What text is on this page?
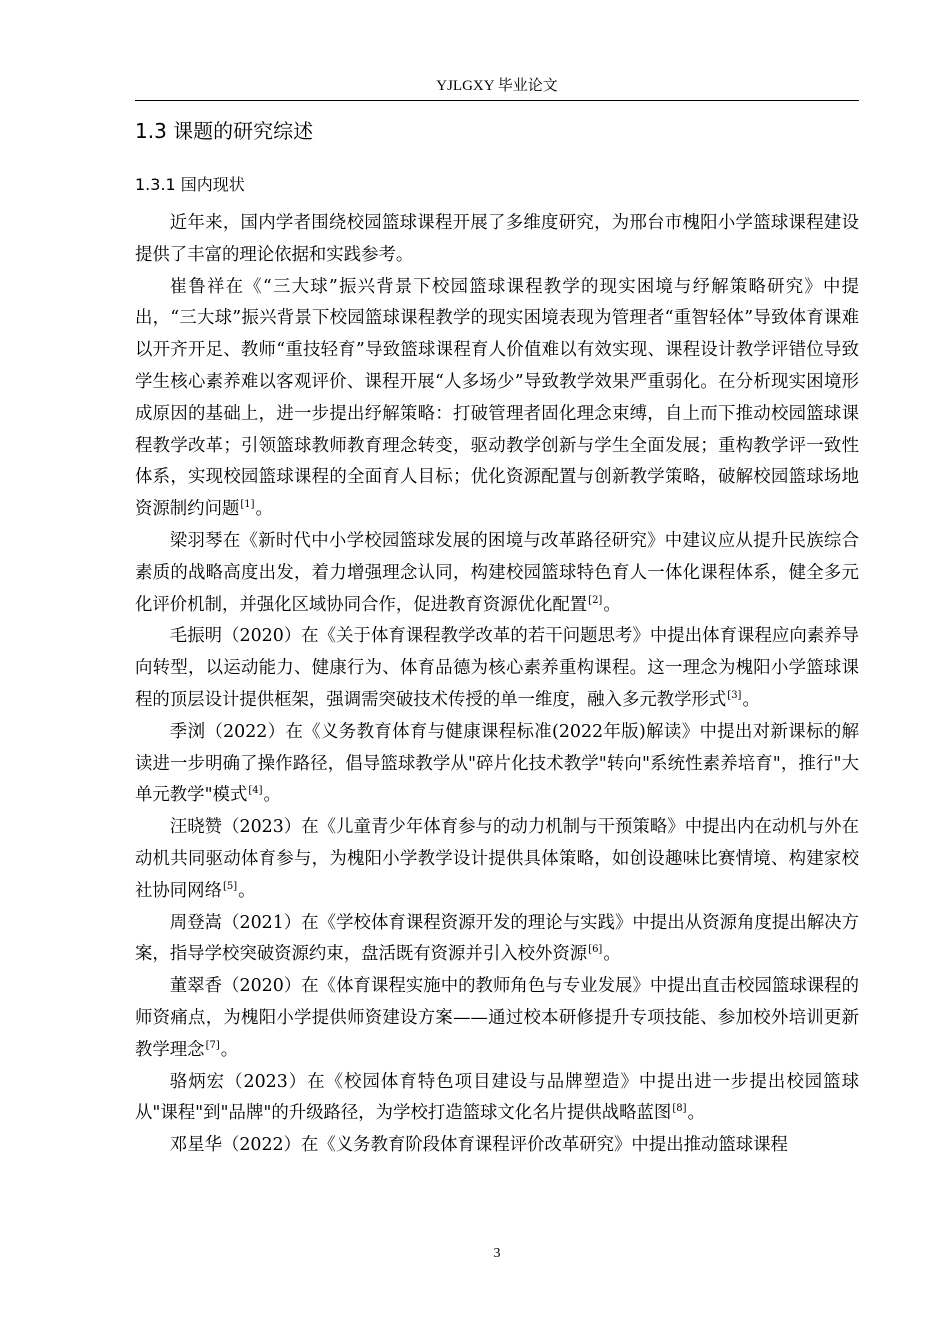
YJLGXY 毕业论文
1.3 课题的研究综述
1.3.1 国内现状

近年来，国内学者围绕校园篮球课程开展了多维度研究，为邢台市槐阳小学篮球课程建设提供了丰富的理论依据和实践参考。

崔鲁祥在《“三大球”振兴背景下校园篮球课程教学的现实困境与纾解策略研究》中提出，“三大球”振兴背景下校园篮球课程教学的现实困境表现为管理者“重智轻体”导致体育课难以开齐开足、教师“重技轻育”导致篮球课程育人价值难以有效实现、课程设计教学评错位导致学生核心素养难以客观评价、课程开展“人多场少”导致教学效果严重弱化。在分析现实困境形成原因的基础上，进一步提出纾解策略：打破管理者固化理念束缚，自上而下推动校园篮球课程教学改革；引领篮球教师教育理念转变，驱动教学创新与学生全面发展；重构教学评一致性体系，实现校园篮球课程的全面育人目标；优化资源配置与创新教学策略，破解校园篮球场地资源制约问题[1]。

梁羽琴在《新时代中小学校园篮球发展的困境与改革路径研究》中建议应从提升民族综合素质的战略高度出发，着力增强理念认同，构建校园篮球特色育人一体化课程体系，健全多元化评价机制，并强化区域协同合作，促进教育资源优化配置[2]。

毛振明（2020）在《关于体育课程教学改革的若干问题思考》中提出体育课程应向素养导向转型，以运动能力、健康行为、体育品德为核心素养重构课程。这一理念为槐阳小学篮球课程的顶层设计提供框架，强调需突破技术传授的单一维度，融入多元教学形式[3]。

季浏（2022）在《义务教育体育与健康课程标准(2022年版)解读》中提出对新课标的解读进一步明确了操作路径，倡导篮球教学从"碎片化技术教学"转向"系统性素养培育"，推行"大单元教学"模式[4]。

汪晓赞（2023）在《儿童青少年体育参与的动力机制与干预策略》中提出内在动机与外在动机共同驱动体育参与，为槐阳小学教学设计提供具体策略，如创设趣味比赛情境、构建家校社协同网络[5]。

周登嵩（2021）在《学校体育课程资源开发的理论与实践》中提出从资源角度提出解决方案，指导学校突破资源约束，盘活既有资源并引入校外资源[6]。

董翠香（2020）在《体育课程实施中的教师角色与专业发展》中提出直击校园篮球课程的师资痛点，为槐阳小学提供师资建设方案——通过校本研修提升专项技能、参加校外培训更新教学理念[7]。

骆炳宏（2023）在《校园体育特色项目建设与品牌塑造》中提出进一步提出校园篮球从"课程"到"品牌"的升级路径，为学校打造篮球文化名片提供战略蓝图[8]。

邓星华（2022）在《义务教育阶段体育课程评价改革研究》中提出推动篮球课程

3
